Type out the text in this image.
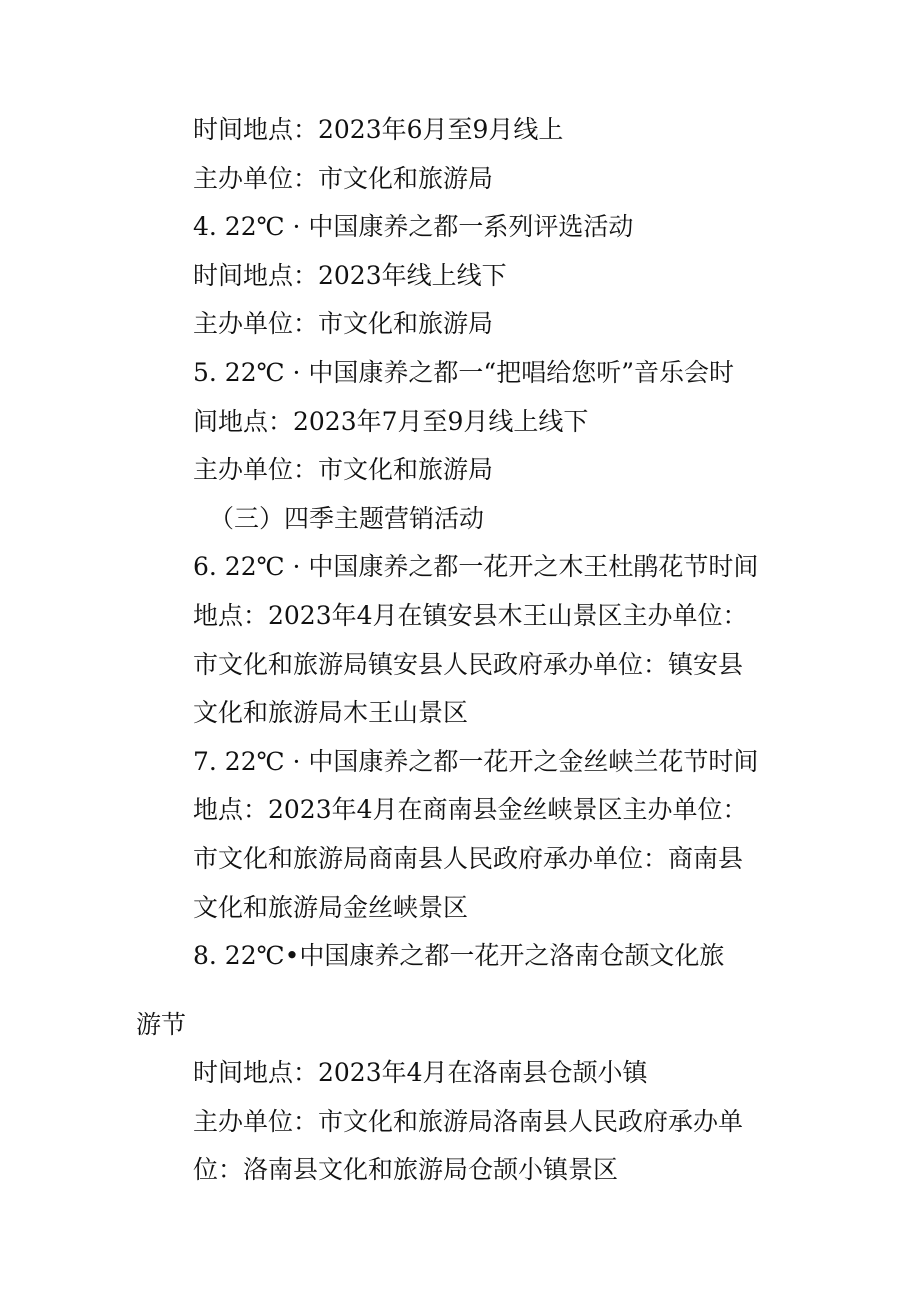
时间地点：2023年6月至9月线上
主办单位：市文化和旅游局
4. 22℃ · 中国康养之都一系列评选活动
时间地点：2023年线上线下
主办单位：市文化和旅游局
5. 22℃ · 中国康养之都一“把唱给您听”音乐会时
间地点：2023年7月至9月线上线下
主办单位：市文化和旅游局
（三）四季主题营销活动
6. 22℃ · 中国康养之都一花开之木王杜鹃花节时间
地点：2023年4月在镇安县木王山景区主办单位：
市文化和旅游局镇安县人民政府承办单位：镇安县
文化和旅游局木王山景区
7. 22℃ · 中国康养之都一花开之金丝峡兰花节时间
地点：2023年4月在商南县金丝峡景区主办单位：
市文化和旅游局商南县人民政府承办单位：商南县
文化和旅游局金丝峡景区
8. 22℃•中国康养之都一花开之洛南仓颉文化旅
游节
时间地点：2023年4月在洛南县仓颉小镇
主办单位：市文化和旅游局洛南县人民政府承办单
位：洛南县文化和旅游局仓颉小镇景区
